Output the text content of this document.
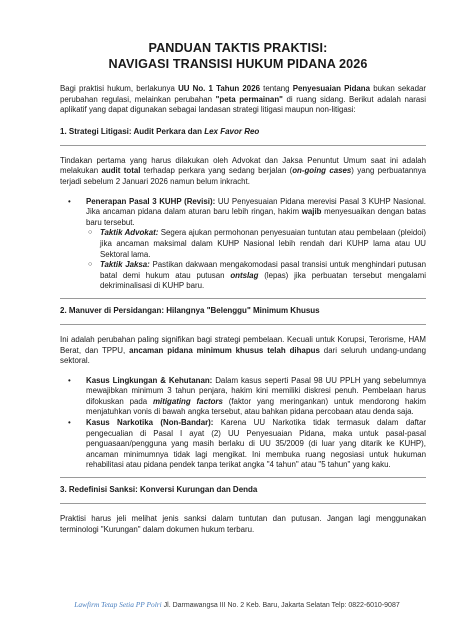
PANDUAN TAKTIS PRAKTISI:
NAVIGASI TRANSISI HUKUM PIDANA 2026

Bagi praktisi hukum, berlakunya UU No. 1 Tahun 2026 tentang Penyesuaian Pidana bukan sekadar perubahan regulasi, melainkan perubahan "peta permainan" di ruang sidang. Berikut adalah narasi aplikatif yang dapat digunakan sebagai landasan strategi litigasi maupun non-litigasi:

1. Strategi Litigasi: Audit Perkara dan Lex Favor Reo

Tindakan pertama yang harus dilakukan oleh Advokat dan Jaksa Penuntut Umum saat ini adalah melakukan audit total terhadap perkara yang sedang berjalan (on-going cases) yang perbuatannya terjadi sebelum 2 Januari 2026 namun belum inkracht.

• Penerapan Pasal 3 KUHP (Revisi): UU Penyesuaian Pidana merevisi Pasal 3 KUHP Nasional. Jika ancaman pidana dalam aturan baru lebih ringan, hakim wajib menyesuaikan dengan batas baru tersebut.
○ Taktik Advokat: Segera ajukan permohonan penyesuaian tuntutan atau pembelaan (pleidoi) jika ancaman maksimal dalam KUHP Nasional lebih rendah dari KUHP lama atau UU Sektoral lama.
○ Taktik Jaksa: Pastikan dakwaan mengakomodasi pasal transisi untuk menghindari putusan batal demi hukum atau putusan ontslag (lepas) jika perbuatan tersebut mengalami dekriminalisasi di KUHP baru.
2. Manuver di Persidangan: Hilangnya "Belenggu" Minimum Khusus

Ini adalah perubahan paling signifikan bagi strategi pembelaan. Kecuali untuk Korupsi, Terorisme, HAM Berat, dan TPPU, ancaman pidana minimum khusus telah dihapus dari seluruh undang-undang sektoral.

• Kasus Lingkungan & Kehutanan: Dalam kasus seperti Pasal 98 UU PPLH yang sebelumnya mewajibkan minimum 3 tahun penjara, hakim kini memiliki diskresi penuh. Pembelaan harus difokuskan pada mitigating factors (faktor yang meringankan) untuk mendorong hakim menjatuhkan vonis di bawah angka tersebut, atau bahkan pidana percobaan atau denda saja.
• Kasus Narkotika (Non-Bandar): Karena UU Narkotika tidak termasuk dalam daftar pengecualian di Pasal I ayat (2) UU Penyesuaian Pidana, maka untuk pasal-pasal penguasaan/pengguna yang masih berlaku di UU 35/2009 (di luar yang ditarik ke KUHP), ancaman minimumnya tidak lagi mengikat. Ini membuka ruang negosiasi untuk hukuman rehabilitasi atau pidana pendek tanpa terikat angka "4 tahun" atau "5 tahun" yang kaku.
3. Redefinisi Sanksi: Konversi Kurungan dan Denda

Praktisi harus jeli melihat jenis sanksi dalam tuntutan dan putusan. Jangan lagi menggunakan terminologi "Kurungan" dalam dokumen hukum terbaru.

Lawfirm Tetap Setia PP Polri Jl. Darmawangsa III No. 2 Keb. Baru, Jakarta Selatan Telp: 0822-6010-9087
